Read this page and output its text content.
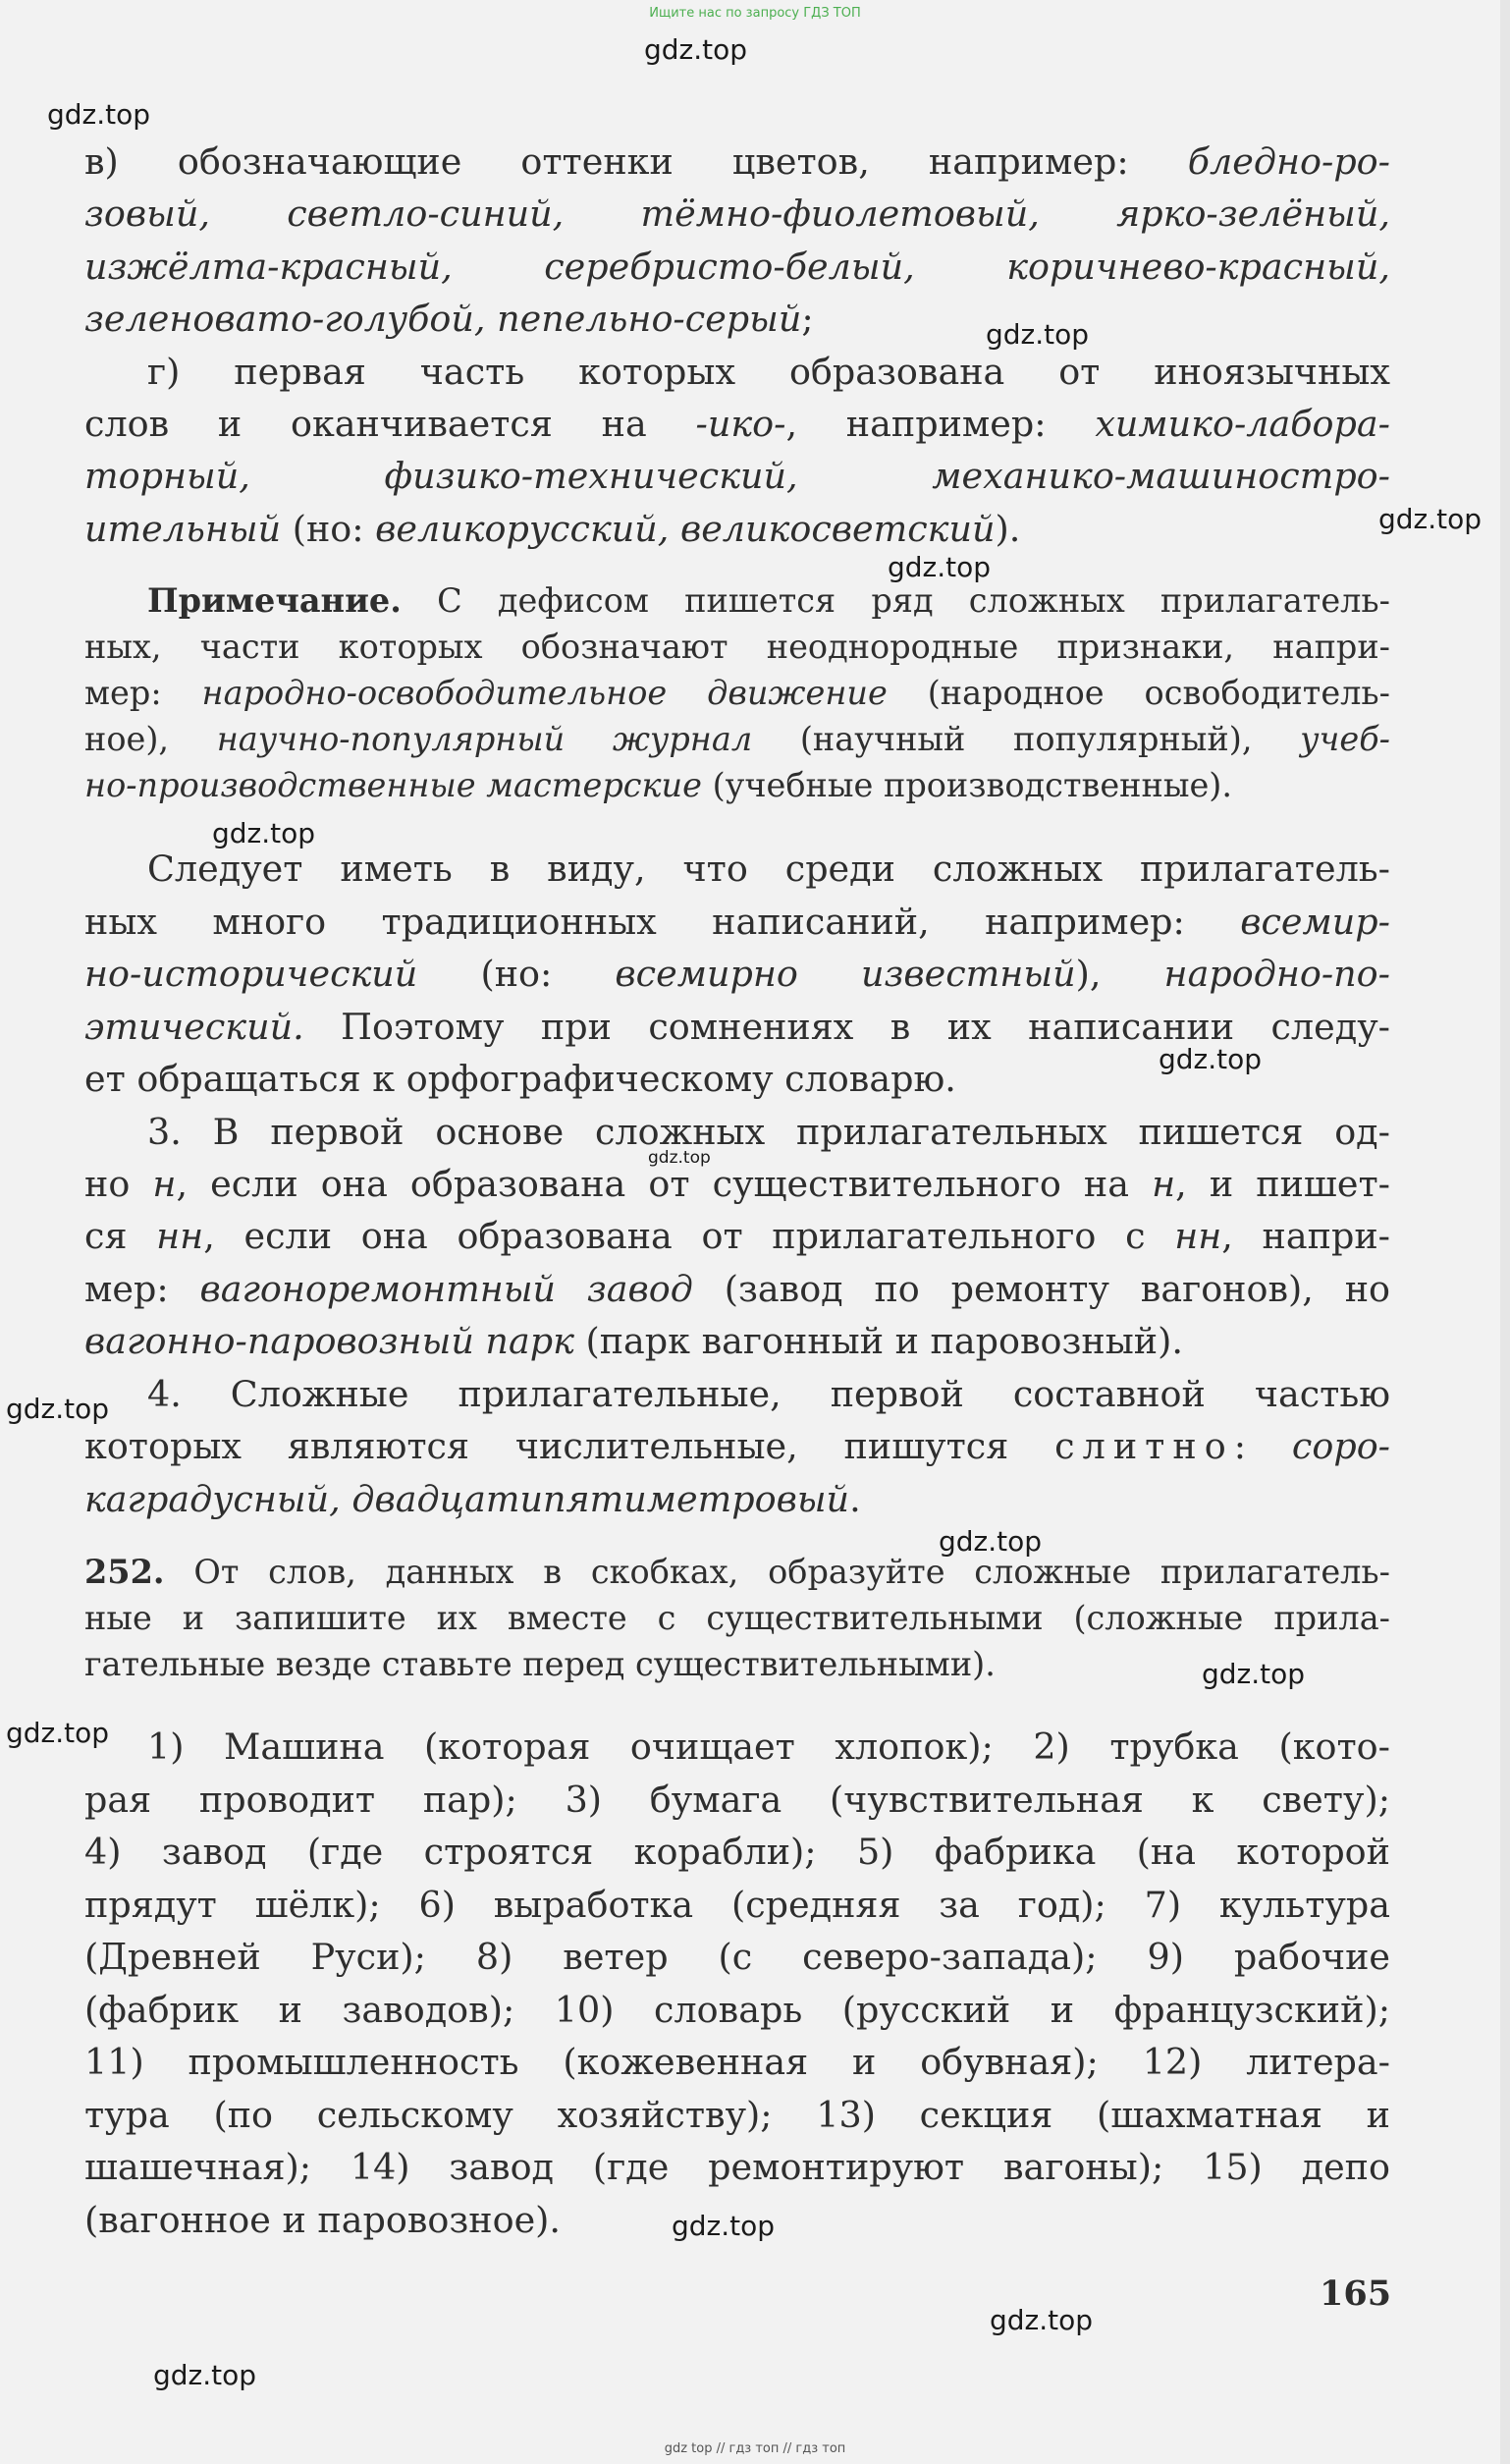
Ищите нас по запросу ГДЗ ТОП
в) обозначающие оттенки цветов, например: бледно-ро-
зовый, светло-синий, тёмно-фиолетовый, ярко-зелёный,
изжёлта-красный, серебристо-белый, коричнево-красный,
зеленовато-голубой, пепельно-серый;
г) первая часть которых образована от иноязычных
слов и оканчивается на -ико-, например: химико-лабора-
торный, физико-технический, механико-машиностро-
ительный (но: великорусский, великосветский).
Примечание. С дефисом пишется ряд сложных прилагатель-
ных, части которых обозначают неоднородные признаки, напри-
мер: народно-освободительное движение (народное освободитель-
ное), научно-популярный журнал (научный популярный), учеб-
но-производственные мастерские (учебные производственные).
Следует иметь в виду, что среди сложных прилагатель-
ных много традиционных написаний, например: всемир-
но-исторический (но: всемирно известный), народно-по-
этический. Поэтому при сомнениях в их написании следу-
ет обращаться к орфографическому словарю.
3. В первой основе сложных прилагательных пишется од-
но н, если она образована от существительного на н, и пишет-
ся нн, если она образована от прилагательного с нн, напри-
мер: вагоноремонтный завод (завод по ремонту вагонов), но
вагонно-паровозный парк (парк вагонный и паровозный).
4. Сложные прилагательные, первой составной частью
которых являются числительные, пишутся слитно: соро-
каградусный, двадцатипятиметровый.
252. От слов, данных в скобках, образуйте сложные прилагатель-
ные и запишите их вместе с существительными (сложные прила-
гательные везде ставьте перед существительными).
1) Машина (которая очищает хлопок); 2) трубка (кото-
рая проводит пар); 3) бумага (чувствительная к свету);
4) завод (где строятся корабли); 5) фабрика (на которой
прядут шёлк); 6) выработка (средняя за год); 7) культура
(Древней Руси); 8) ветер (с северо-запада); 9) рабочие
(фабрик и заводов); 10) словарь (русский и французский);
11) промышленность (кожевенная и обувная); 12) литера-
тура (по сельскому хозяйству); 13) секция (шахматная и
шашечная); 14) завод (где ремонтируют вагоны); 15) депо
(вагонное и паровозное).
165
gdz.top
gdz.top
gdz.top
gdz.top
gdz.top
gdz.top
gdz.top
gdz.top
gdz.top
gdz.top
gdz.top
gdz.top
gdz.top
gdz.top
gdz.top
gdz top // гдз топ // гдз топ
